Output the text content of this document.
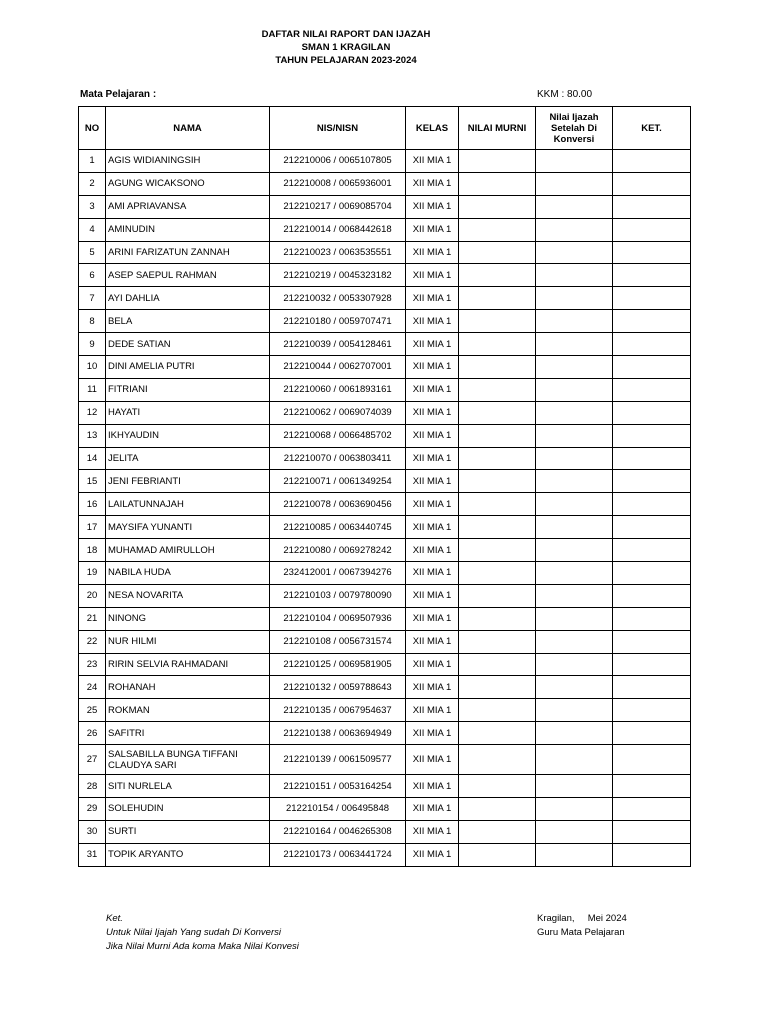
DAFTAR NILAI RAPORT DAN IJAZAH
SMAN 1 KRAGILAN
TAHUN PELAJARAN 2023-2024
Mata Pelajaran :	KKM : 80.00
NO	NAMA	NIS/NISN	KELAS	NILAI MURNI	Nilai Ijazah Setelah Di Konversi	KET.
1	AGIS WIDIANINGSIH	212210006 / 0065107805	XII MIA 1			
2	AGUNG WICAKSONO	212210008 / 0065936001	XII MIA 1			
3	AMI APRIAVANSA	212210217 / 0069085704	XII MIA 1			
4	AMINUDIN	212210014 / 0068442618	XII MIA 1			
5	ARINI FARIZATUN ZANNAH	212210023 / 0063535551	XII MIA 1			
6	ASEP SAEPUL RAHMAN	212210219 / 0045323182	XII MIA 1			
7	AYI DAHLIA	212210032 / 0053307928	XII MIA 1			
8	BELA	212210180 / 0059707471	XII MIA 1			
9	DEDE SATIAN	212210039 / 0054128461	XII MIA 1			
10	DINI AMELIA PUTRI	212210044 / 0062707001	XII MIA 1			
11	FITRIANI	212210060 / 0061893161	XII MIA 1			
12	HAYATI	212210062 / 0069074039	XII MIA 1			
13	IKHYAUDIN	212210068 / 0066485702	XII MIA 1			
14	JELITA	212210070 / 0063803411	XII MIA 1			
15	JENI FEBRIANTI	212210071 / 0061349254	XII MIA 1			
16	LAILATUNNAJAH	212210078 / 0063690456	XII MIA 1			
17	MAYSIFA YUNANTI	212210085 / 0063440745	XII MIA 1			
18	MUHAMAD AMIRULLOH	212210080 / 0069278242	XII MIA 1			
19	NABILA HUDA	232412001 / 0067394276	XII MIA 1			
20	NESA NOVARITA	212210103 / 0079780090	XII MIA 1			
21	NINONG	212210104 / 0069507936	XII MIA 1			
22	NUR HILMI	212210108 / 0056731574	XII MIA 1			
23	RIRIN SELVIA RAHMADANI	212210125 / 0069581905	XII MIA 1			
24	ROHANAH	212210132 / 0059788643	XII MIA 1			
25	ROKMAN	212210135 / 0067954637	XII MIA 1			
26	SAFITRI	212210138 / 0063694949	XII MIA 1			
27	SALSABILLA BUNGA TIFFANI CLAUDYA SARI	212210139 / 0061509577	XII MIA 1			
28	SITI NURLELA	212210151 / 0053164254	XII MIA 1			
29	SOLEHUDIN	212210154 / 006495848	XII MIA 1			
30	SURTI	212210164 / 0046265308	XII MIA 1			
31	TOPIK ARYANTO	212210173 / 0063441724	XII MIA 1			
Ket.
Untuk Nilai Ijajah Yang sudah Di Konversi
Jika Nilai Murni Ada koma Maka Nilai Konvesi
Kragilan,     Mei 2024
Guru Mata Pelajaran
